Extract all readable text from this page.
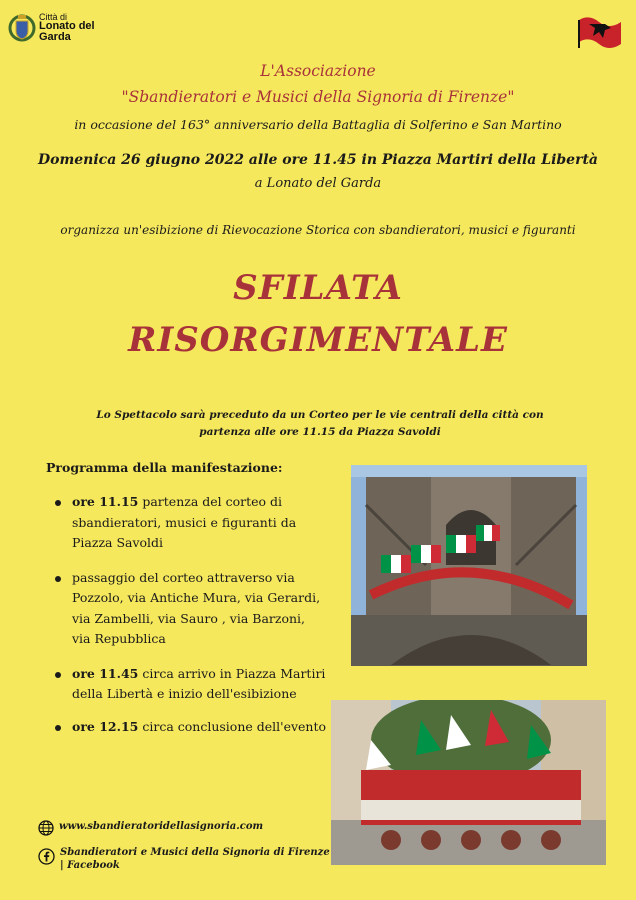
Città di
Lonato del Garda
L'Associazione
"Sbandieratori e Musici della Signoria di Firenze"
in occasione del 163° anniversario della Battaglia di Solferino e San Martino
Domenica 26 giugno 2022 alle ore 11.45 in Piazza Martiri della Libertà
a Lonato del Garda
organizza un'esibizione di Rievocazione Storica con sbandieratori, musici e figuranti
SFILATA
RISORGIMENTALE
Lo Spettacolo sarà preceduto da un Corteo per le vie centrali della città con partenza alle ore 11.15 da Piazza Savoldi
Programma della manifestazione:
ore 11.15 partenza del corteo di sbandieratori, musici e figuranti da Piazza Savoldi
passaggio del corteo attraverso via Pozzolo, via Antiche Mura, via Gerardi, via Zambelli, via Sauro , via Barzoni, via Repubblica
ore 11.45 circa arrivo in Piazza Martiri della Libertà e inizio dell'esibizione
ore 12.15 circa conclusione dell'evento
www.sbandieratoridellasignoria.com
Sbandieratori e Musici della Signoria di Firenze | Facebook
